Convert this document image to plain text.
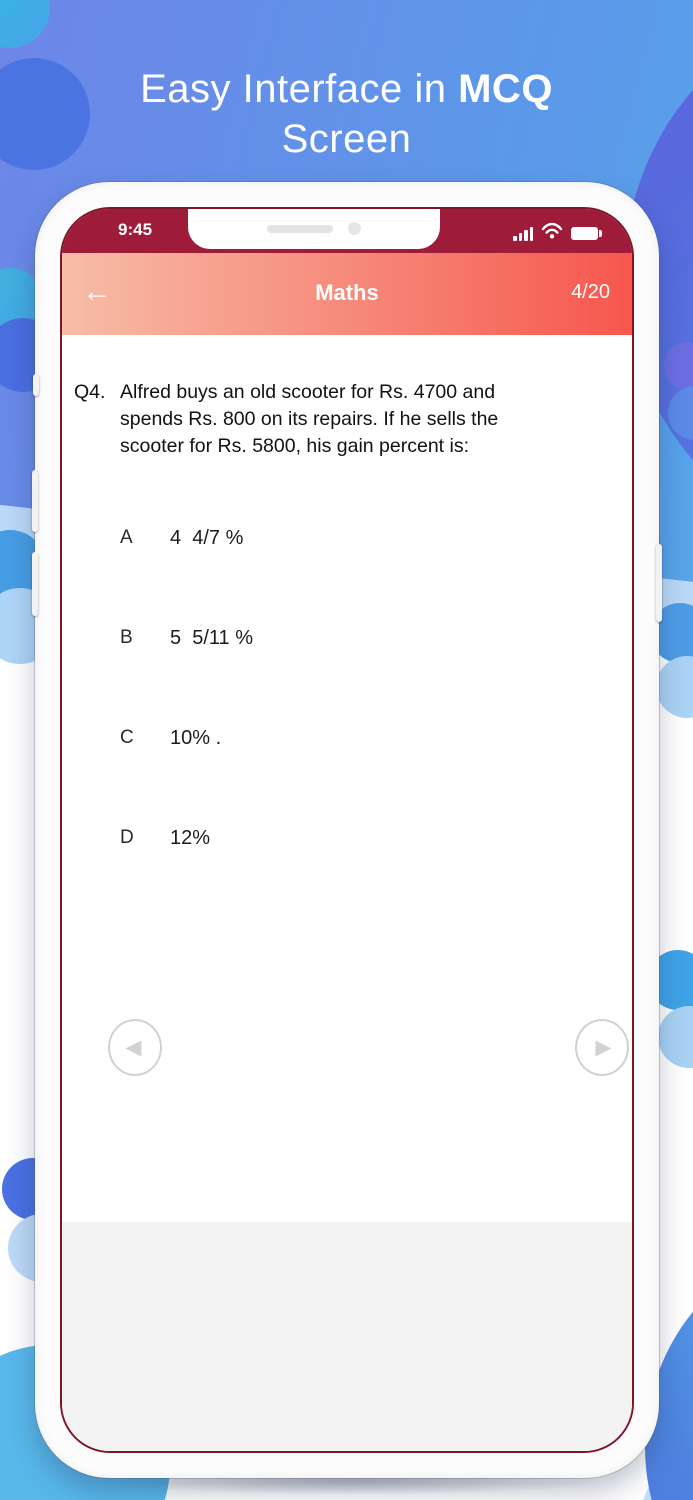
Easy Interface in MCQ
Screen
9:45
←	Maths	4/20
Q4. Alfred buys an old scooter for Rs. 4700 and
spends Rs. 800 on its repairs. If he sells the
scooter for Rs. 5800, his gain percent is:
A	4  4/7 %
B	5  5/11 %
C	10% .
D	12%
◀	▶
